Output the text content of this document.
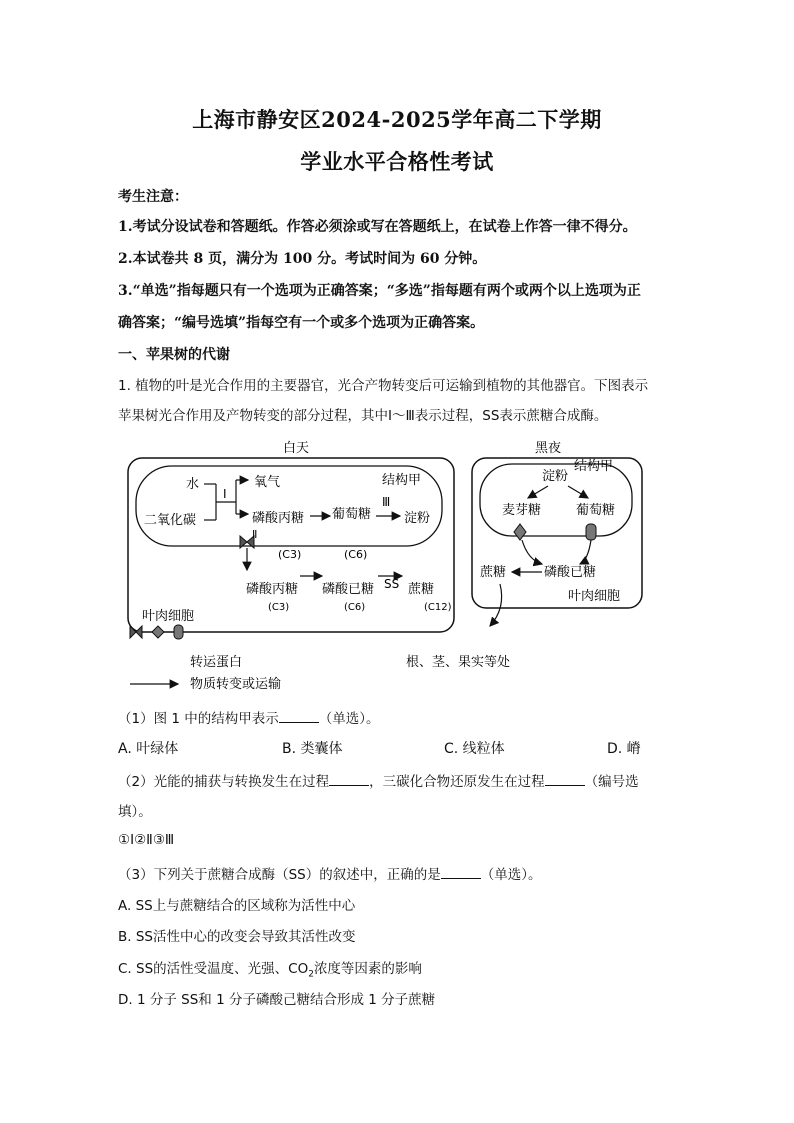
上海市静安区2024-2025学年高二下学期
学业水平合格性考试
考生注意：
1.考试分设试卷和答题纸。作答必须涂或写在答题纸上，在试卷上作答一律不得分。
2.本试卷共 8 页，满分为 100 分。考试时间为 60 分钟。
3.“单选”指每题只有一个选项为正确答案；“多选”指每题有两个或两个以上选项为正
确答案；“编号选填”指每空有一个或多个选项为正确答案。
一、苹果树的代谢
1. 植物的叶是光合作用的主要器官，光合产物转变后可运输到植物的其他器官。下图表示
苹果树光合作用及产物转变的部分过程，其中Ⅰ～Ⅲ表示过程，SS表示蔗糖合成酶。
白天
水
Ⅰ
二氧化碳
氧气
磷酸丙糖 葡萄糖
Ⅲ
淀粉
结构甲
Ⅱ
(C3)	(C6)
磷酸丙糖 磷酸已糖 SS 蔗糖
(C3)	(C6)	(C12)
叶肉细胞
黑夜
淀粉
结构甲
麦芽糖	葡萄糖
磷酸已糖
蔗糖
叶肉细胞
转运蛋白	根、茎、果实等处
物质转变或运输
（1）图 1 中的结构甲表示	（单选）。
A. 叶绿体	B. 类囊体	C. 线粒体	D. 嵴
（2）光能的捕获与转换发生在过程	，三碳化合物还原发生在过程	（编号选
填）。
①Ⅰ②Ⅱ③Ⅲ
（3）下列关于蔗糖合成酶（SS）的叙述中，正确的是	（单选）。
A. SS上与蔗糖结合的区域称为活性中心
B. SS活性中心的改变会导致其活性改变
C. SS的活性受温度、光强、$CO_2$浓度等因素的影响
D. 1 分子 SS和 1 分子磷酸己糖结合形成 1 分子蔗糖
